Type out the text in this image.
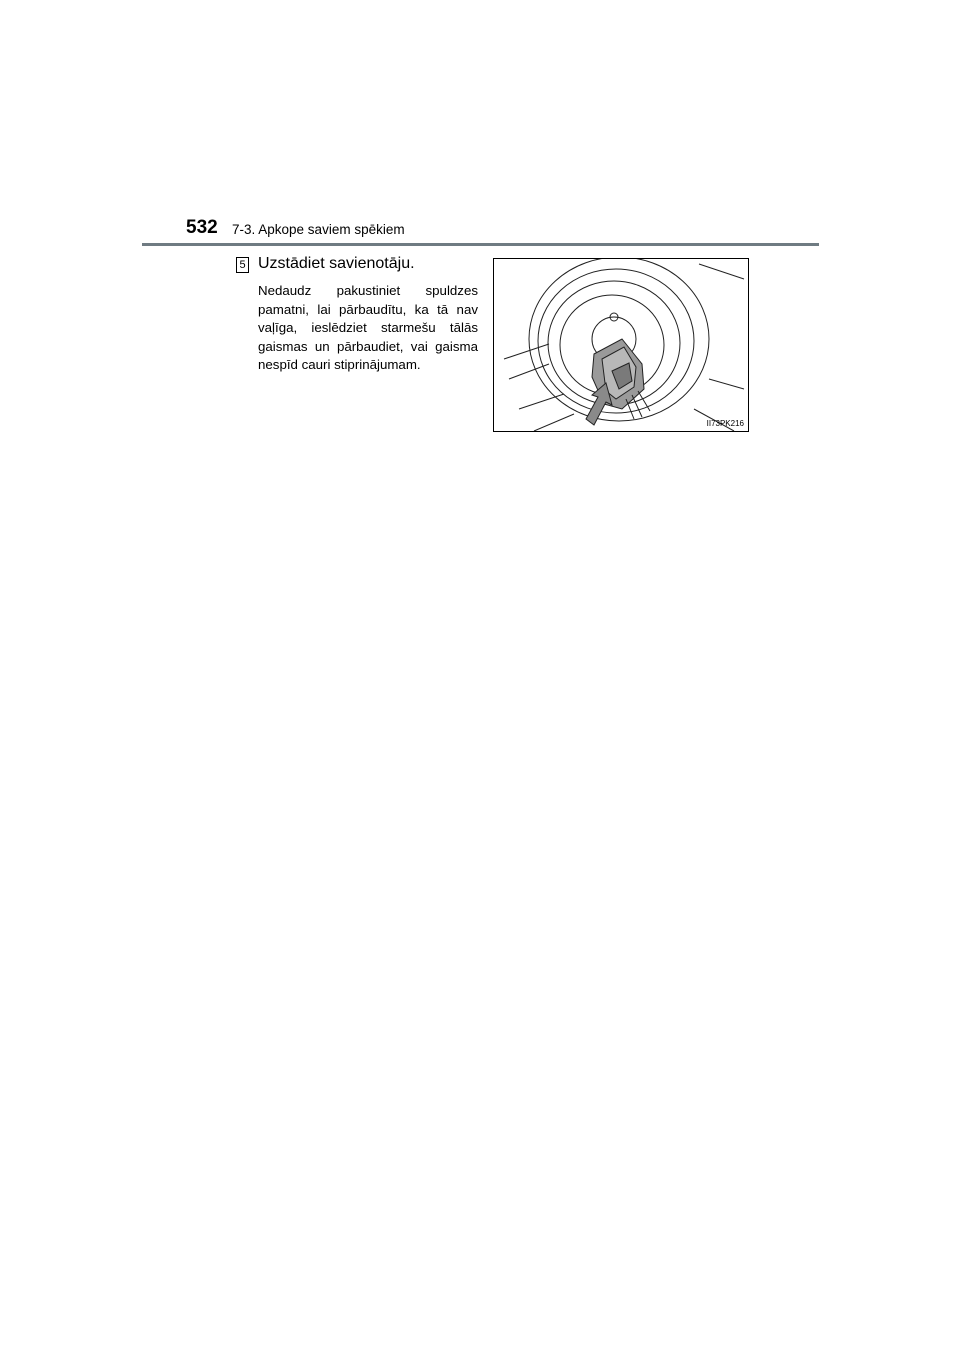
532 7-3. Apkope saviem spēkiem
5 Uzstādiet savienotāju.
Nedaudz pakustiniet spuldzes pamatni, lai pārbaudītu, ka tā nav vaļīga, ieslēdziet starmešu tālās gaismas un pārbaudiet, vai gaisma nespīd cauri stiprinājumam.
II73PK216
